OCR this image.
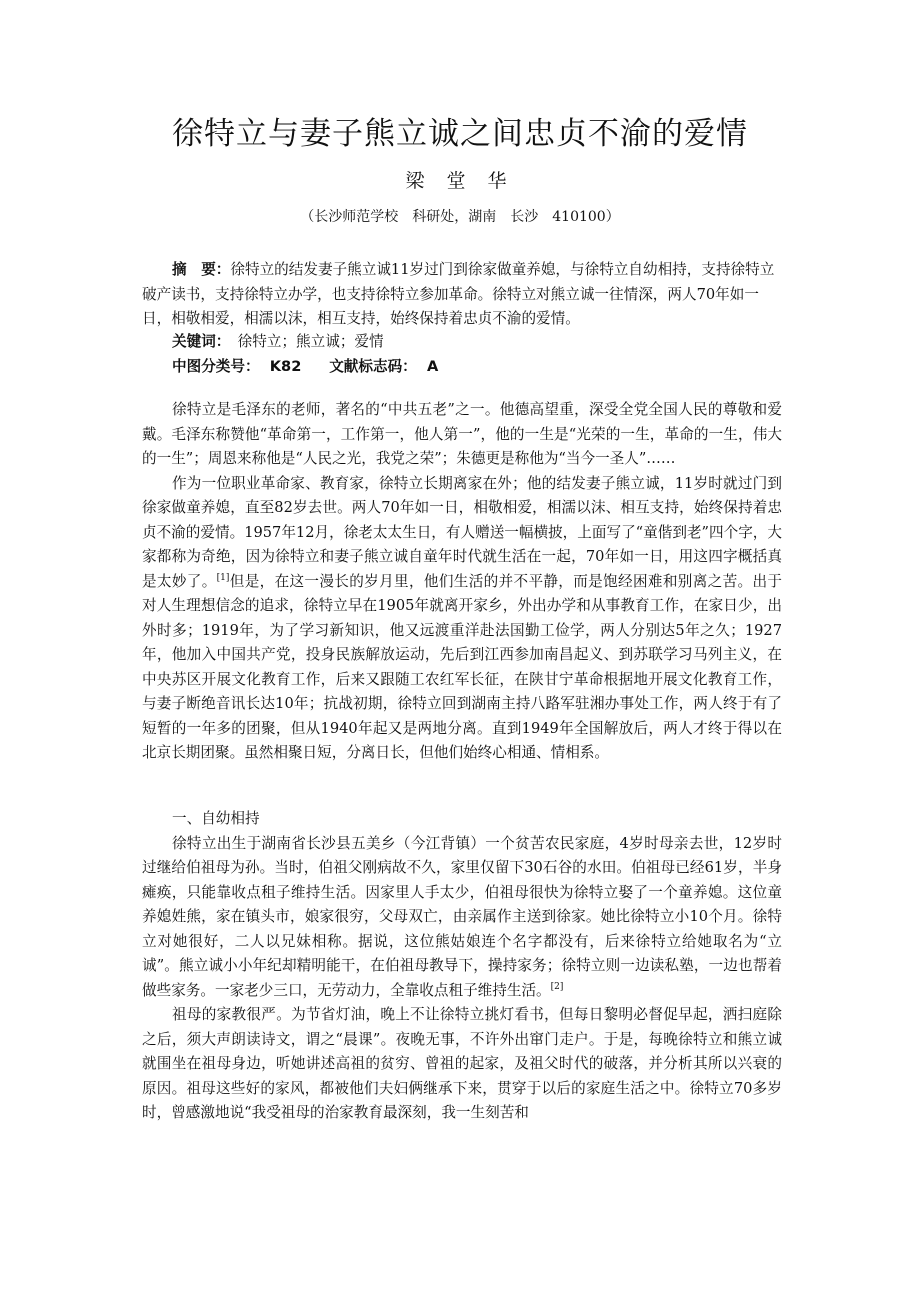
徐特立与妻子熊立诚之间忠贞不渝的爱情
梁 堂 华
（长沙师范学校　科研处，湖南　长沙　410100）
摘　要：徐特立的结发妻子熊立诚11岁过门到徐家做童养媳，与徐特立自幼相持，支持徐特立破产读书，支持徐特立办学，也支持徐特立参加革命。徐特立对熊立诚一往情深，两人70年如一日，相敬相爱，相濡以沫，相互支持，始终保持着忠贞不渝的爱情。
关键词：　徐特立；熊立诚；爱情
中图分类号：  K82 文献标志码：  A

徐特立是毛泽东的老师，著名的“中共五老”之一。他德高望重，深受全党全国人民的尊敬和爱戴。毛泽东称赞他“革命第一，工作第一，他人第一”，他的一生是“光荣的一生，革命的一生，伟大的一生”；周恩来称他是“人民之光，我党之荣”；朱德更是称他为“当今一圣人”……

作为一位职业革命家、教育家，徐特立长期离家在外；他的结发妻子熊立诚，11岁时就过门到徐家做童养媳，直至82岁去世。两人70年如一日，相敬相爱，相濡以沫、相互支持，始终保持着忠贞不渝的爱情。1957年12月，徐老太太生日，有人赠送一幅横披，上面写了“童偕到老”四个字，大家都称为奇绝，因为徐特立和妻子熊立诚自童年时代就生活在一起，70年如一日，用这四字概括真是太妙了。[1]但是，在这一漫长的岁月里，他们生活的并不平静，而是饱经困难和别离之苦。出于对人生理想信念的追求，徐特立早在1905年就离开家乡，外出办学和从事教育工作，在家日少，出外时多；1919年，为了学习新知识，他又远渡重洋赴法国勤工俭学，两人分别达5年之久；1927年，他加入中国共产党，投身民族解放运动，先后到江西参加南昌起义、到苏联学习马列主义，在中央苏区开展文化教育工作，后来又跟随工农红军长征，在陕甘宁革命根据地开展文化教育工作，与妻子断绝音讯长达10年；抗战初期，徐特立回到湖南主持八路军驻湘办事处工作，两人终于有了短暂的一年多的团聚，但从1940年起又是两地分离。直到1949年全国解放后，两人才终于得以在北京长期团聚。虽然相聚日短，分离日长，但他们始终心相通、情相系。

一、自幼相持

徐特立出生于湖南省长沙县五美乡（今江背镇）一个贫苦农民家庭，4岁时母亲去世，12岁时过继给伯祖母为孙。当时，伯祖父刚病故不久，家里仅留下30石谷的水田。伯祖母已经61岁，半身瘫痪，只能靠收点租子维持生活。因家里人手太少，伯祖母很快为徐特立娶了一个童养媳。这位童养媳姓熊，家在镇头市，娘家很穷，父母双亡，由亲属作主送到徐家。她比徐特立小10个月。徐特立对她很好，二人以兄妹相称。据说，这位熊姑娘连个名字都没有，后来徐特立给她取名为“立诚”。熊立诚小小年纪却精明能干，在伯祖母教导下，操持家务；徐特立则一边读私塾，一边也帮着做些家务。一家老少三口，无劳动力，全靠收点租子维持生活。[2]

祖母的家教很严。为节省灯油，晚上不让徐特立挑灯看书，但每日黎明必督促早起，洒扫庭除之后，须大声朗读诗文，谓之“晨课”。夜晚无事，不许外出窜门走户。于是，每晚徐特立和熊立诚就围坐在祖母身边，听她讲述高祖的贫穷、曾祖的起家，及祖父时代的破落，并分析其所以兴衰的原因。祖母这些好的家风，都被他们夫妇俩继承下来，贯穿于以后的家庭生活之中。徐特立70多岁时，曾感激地说“我受祖母的治家教育最深刻，我一生刻苦和
